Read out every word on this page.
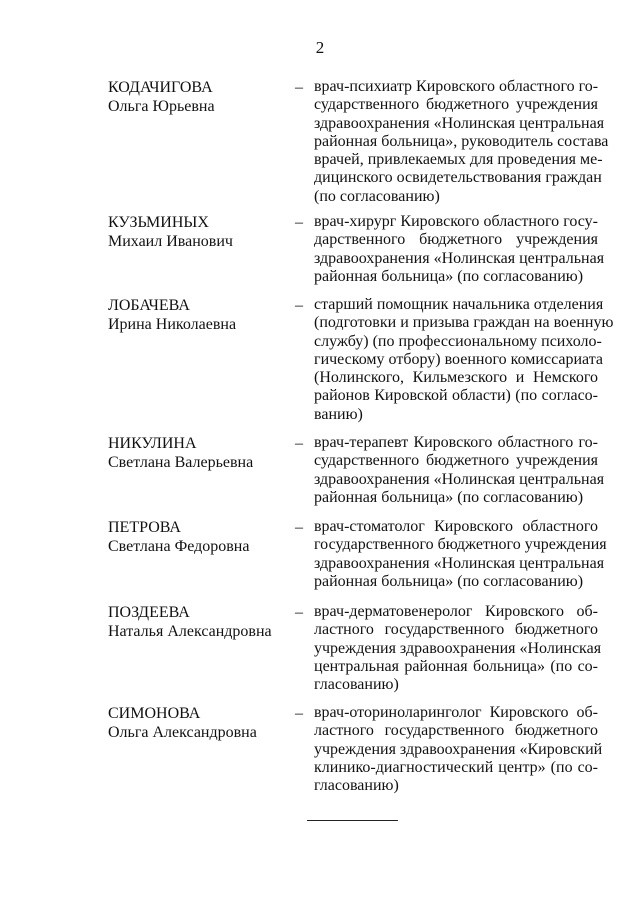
2
КОДАЧИГОВА
Ольга Юрьевна
– врач-психиатр Кировского областного го-
сударственного бюджетного учреждения
здравоохранения «Нолинская центральная
районная больница», руководитель состава
врачей, привлекаемых для проведения ме-
дицинского освидетельствования граждан
(по согласованию)
КУЗЬМИНЫХ
Михаил Иванович
– врач-хирург Кировского областного госу-
дарственного бюджетного учреждения
здравоохранения «Нолинская центральная
районная больница» (по согласованию)
ЛОБАЧЕВА
Ирина Николаевна
– старший помощник начальника отделения
(подготовки и призыва граждан на военную
службу) (по профессиональному психоло-
гическому отбору) военного комиссариата
(Нолинского, Кильмезского и Немского
районов Кировской области) (по согласо-
ванию)
НИКУЛИНА
Светлана Валерьевна
– врач-терапевт Кировского областного го-
сударственного бюджетного учреждения
здравоохранения «Нолинская центральная
районная больница» (по согласованию)
ПЕТРОВА
Светлана Федоровна
– врач-стоматолог Кировского областного
государственного бюджетного учреждения
здравоохранения «Нолинская центральная
районная больница» (по согласованию)
ПОЗДЕЕВА
Наталья Александровна
– врач-дерматовенеролог Кировского об-
ластного государственного бюджетного
учреждения здравоохранения «Нолинская
центральная районная больница» (по со-
гласованию)
СИМОНОВА
Ольга Александровна
– врач-оториноларинголог Кировского об-
ластного государственного бюджетного
учреждения здравоохранения «Кировский
клинико-диагностический центр» (по со-
гласованию)
